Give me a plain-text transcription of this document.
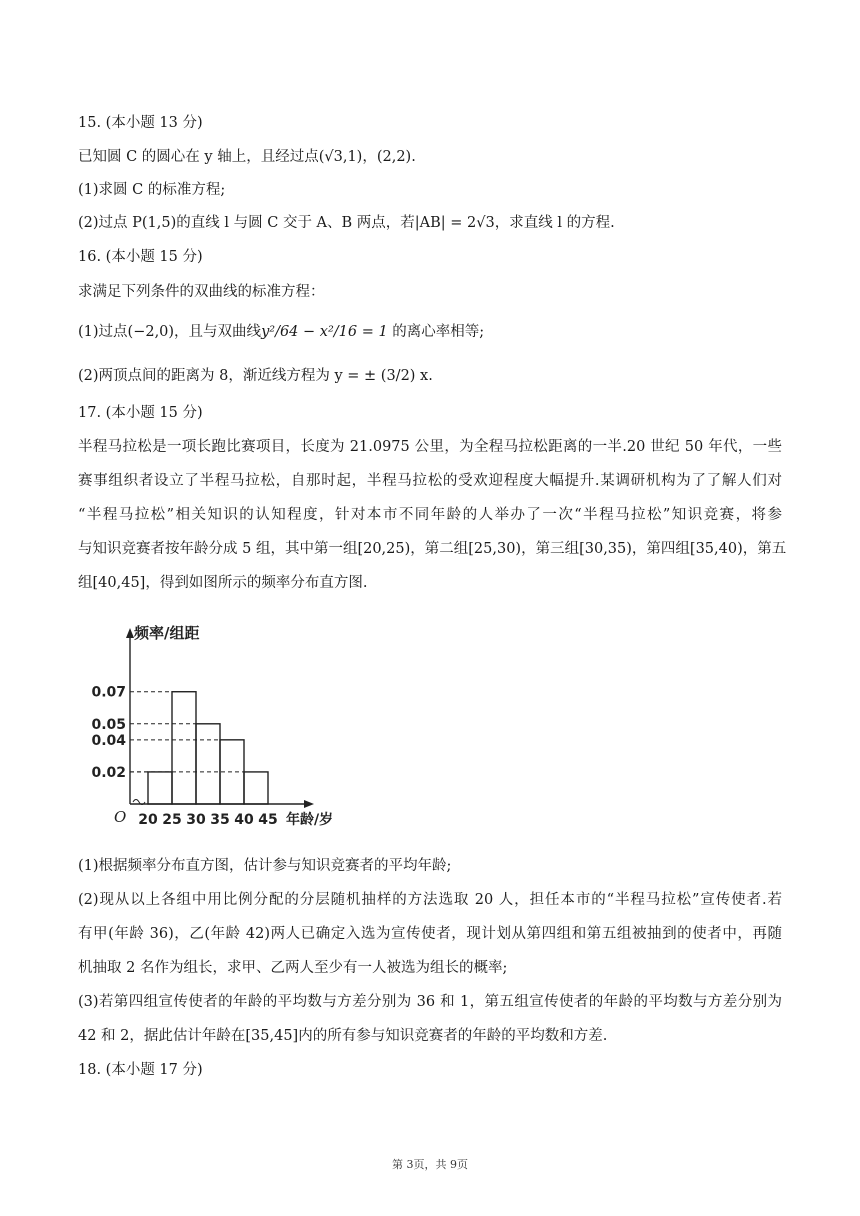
15. (本小题 13 分)
已知圆 C 的圆心在 y 轴上，且经过点(√3,1)，(2,2).
(1)求圆 C 的标准方程;
(2)过点 P(1,5)的直线 l 与圆 C 交于 A、B 两点，若|AB| = 2√3，求直线 l 的方程.
16. (本小题 15 分)
求满足下列条件的双曲线的标准方程：
(1)过点(−2,0)，且与双曲线y²/64 − x²/16 = 1 的离心率相等;
(2)两顶点间的距离为 8，渐近线方程为 y = ± (3/2) x.
17. (本小题 15 分)
半程马拉松是一项长跑比赛项目，长度为 21.0975 公里，为全程马拉松距离的一半.20 世纪 50 年代，一些
赛事组织者设立了半程马拉松，自那时起，半程马拉松的受欢迎程度大幅提升.某调研机构为了了解人们对
“半程马拉松”相关知识的认知程度，针对本市不同年龄的人举办了一次“半程马拉松”知识竞赛，将参
与知识竞赛者按年龄分成 5 组，其中第一组[20,25)，第二组[25,30)，第三组[30,35)，第四组[35,40)，第五
组[40,45]，得到如图所示的频率分布直方图.
0.02
0.04
0.05
0.07
20 25 30 35 40 45
O
频率/组距
年龄/岁
(1)根据频率分布直方图，估计参与知识竞赛者的平均年龄;
(2)现从以上各组中用比例分配的分层随机抽样的方法选取 20 人，担任本市的“半程马拉松”宣传使者.若
有甲(年龄 36)，乙(年龄 42)两人已确定入选为宣传使者，现计划从第四组和第五组被抽到的使者中，再随
机抽取 2 名作为组长，求甲、乙两人至少有一人被选为组长的概率;
(3)若第四组宣传使者的年龄的平均数与方差分别为 36 和 1，第五组宣传使者的年龄的平均数与方差分别为
42 和 2，据此估计年龄在[35,45]内的所有参与知识竞赛者的年龄的平均数和方差.
18. (本小题 17 分)
第 3页，共 9页
